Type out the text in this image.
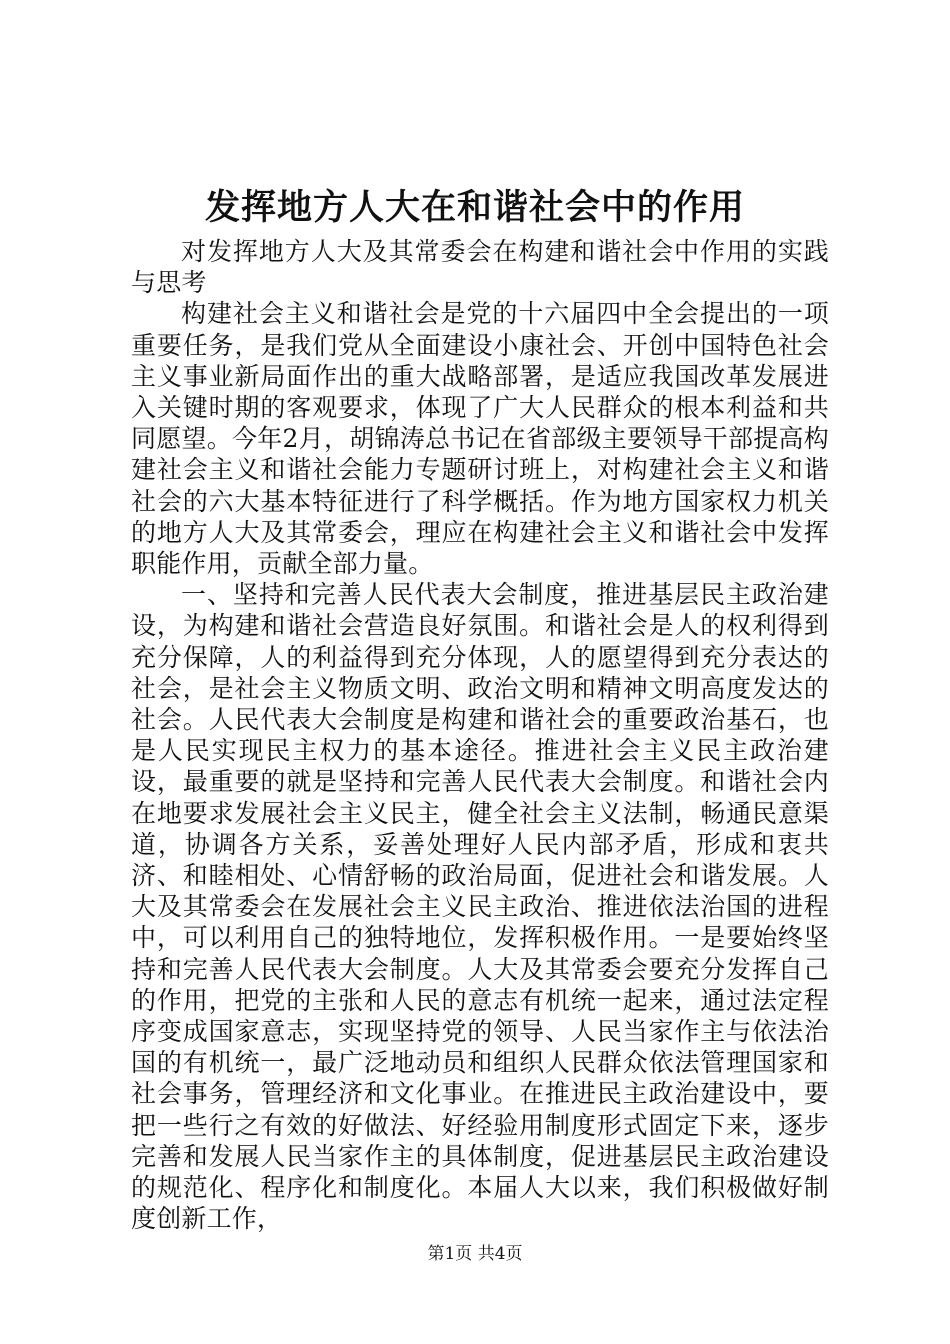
发挥地方人大在和谐社会中的作用

对发挥地方人大及其常委会在构建和谐社会中作用的实践与思考

构建社会主义和谐社会是党的十六届四中全会提出的一项重要任务，是我们党从全面建设小康社会、开创中国特色社会主义事业新局面作出的重大战略部署，是适应我国改革发展进入关键时期的客观要求，体现了广大人民群众的根本利益和共同愿望。今年2月，胡锦涛总书记在省部级主要领导干部提高构建社会主义和谐社会能力专题研讨班上，对构建社会主义和谐社会的六大基本特征进行了科学概括。作为地方国家权力机关的地方人大及其常委会，理应在构建社会主义和谐社会中发挥职能作用，贡献全部力量。

一、坚持和完善人民代表大会制度，推进基层民主政治建设，为构建和谐社会营造良好氛围。和谐社会是人的权利得到充分保障，人的利益得到充分体现，人的愿望得到充分表达的社会，是社会主义物质文明、政治文明和精神文明高度发达的社会。人民代表大会制度是构建和谐社会的重要政治基石，也是人民实现民主权力的基本途径。推进社会主义民主政治建设，最重要的就是坚持和完善人民代表大会制度。和谐社会内在地要求发展社会主义民主，健全社会主义法制，畅通民意渠道，协调各方关系，妥善处理好人民内部矛盾，形成和衷共济、和睦相处、心情舒畅的政治局面，促进社会和谐发展。人大及其常委会在发展社会主义民主政治、推进依法治国的进程中，可以利用自己的独特地位，发挥积极作用。一是要始终坚持和完善人民代表大会制度。人大及其常委会要充分发挥自己的作用，把党的主张和人民的意志有机统一起来，通过法定程序变成国家意志，实现坚持党的领导、人民当家作主与依法治国的有机统一，最广泛地动员和组织人民群众依法管理国家和社会事务，管理经济和文化事业。在推进民主政治建设中，要把一些行之有效的好做法、好经验用制度形式固定下来，逐步完善和发展人民当家作主的具体制度，促进基层民主政治建设的规范化、程序化和制度化。本届人大以来，我们积极做好制度创新工作，

第1页 共4页
